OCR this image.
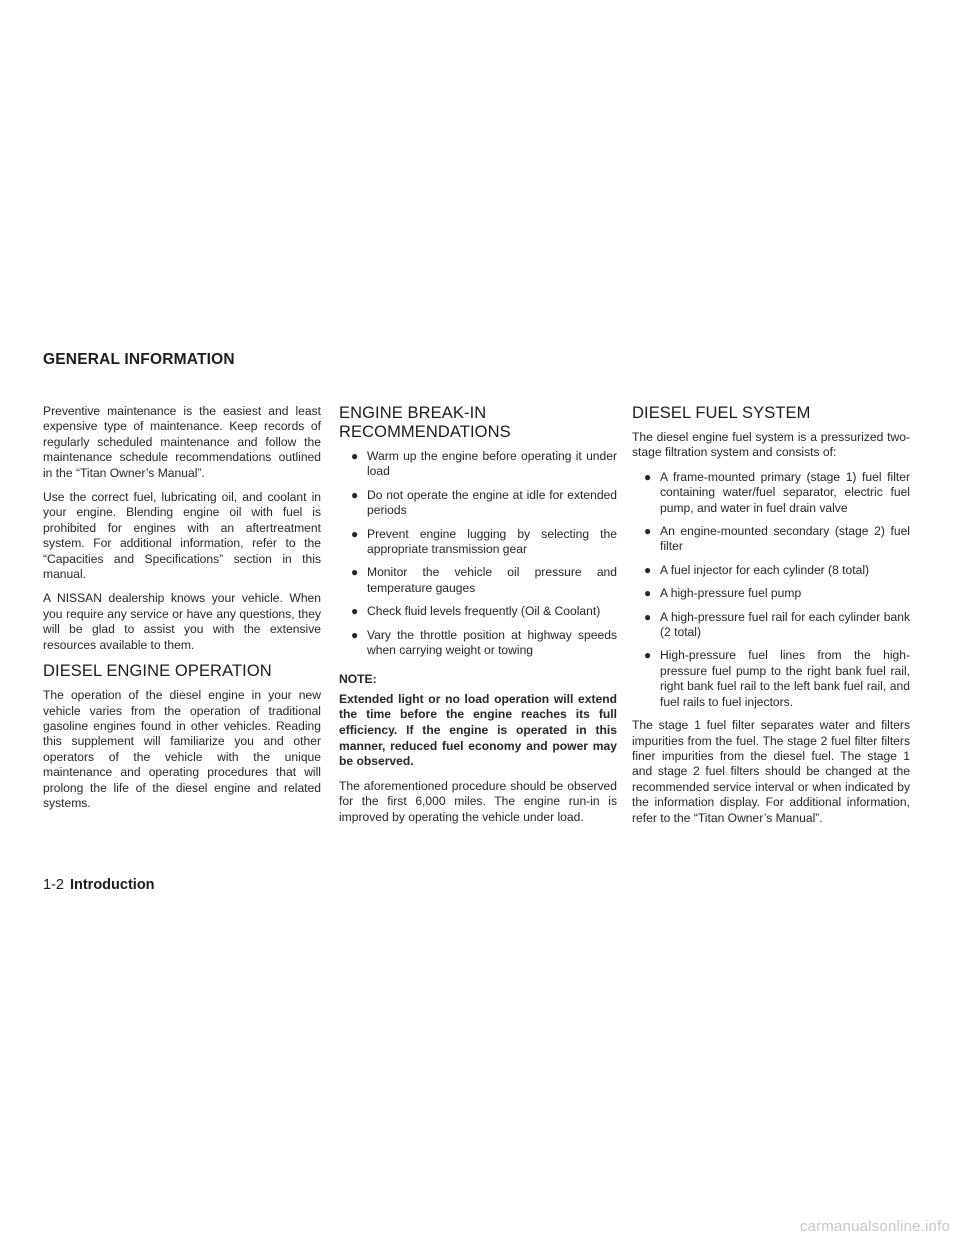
GENERAL INFORMATION

Preventive maintenance is the easiest and least expensive type of maintenance. Keep records of regularly scheduled maintenance and follow the maintenance schedule recommendations outlined in the “Titan Owner’s Manual”.

Use the correct fuel, lubricating oil, and coolant in your engine. Blending engine oil with fuel is prohibited for engines with an aftertreatment system. For additional information, refer to the “Capacities and Specifications” section in this manual.

A NISSAN dealership knows your vehicle. When you require any service or have any questions, they will be glad to assist you with the extensive resources available to them.

DIESEL ENGINE OPERATION

The operation of the diesel engine in your new vehicle varies from the operation of traditional gasoline engines found in other vehicles. Reading this supplement will familiarize you and other operators of the vehicle with the unique maintenance and operating procedures that will prolong the life of the diesel engine and related systems.

ENGINE BREAK-IN RECOMMENDATIONS
● Warm up the engine before operating it under load
● Do not operate the engine at idle for extended periods
● Prevent engine lugging by selecting the appropriate transmission gear
● Monitor the vehicle oil pressure and temperature gauges
● Check fluid levels frequently (Oil & Coolant)
● Vary the throttle position at highway speeds when carrying weight or towing

NOTE:

Extended light or no load operation will extend the time before the engine reaches its full efficiency. If the engine is operated in this manner, reduced fuel economy and power may be observed.

The aforementioned procedure should be observed for the first 6,000 miles. The engine run-in is improved by operating the vehicle under load.

DIESEL FUEL SYSTEM

The diesel engine fuel system is a pressurized two-stage filtration system and consists of:

● A frame-mounted primary (stage 1) fuel filter containing water/fuel separator, electric fuel pump, and water in fuel drain valve
● An engine-mounted secondary (stage 2) fuel filter
● A fuel injector for each cylinder (8 total)
● A high-pressure fuel pump
● A high-pressure fuel rail for each cylinder bank (2 total)
● High-pressure fuel lines from the high-pressure fuel pump to the right bank fuel rail, right bank fuel rail to the left bank fuel rail, and fuel rails to fuel injectors.

The stage 1 fuel filter separates water and filters impurities from the fuel. The stage 2 fuel filter filters finer impurities from the diesel fuel. The stage 1 and stage 2 fuel filters should be changed at the recommended service interval or when indicated by the information display. For additional information, refer to the “Titan Owner’s Manual”.

1-2 Introduction
carmanualsonline.info
